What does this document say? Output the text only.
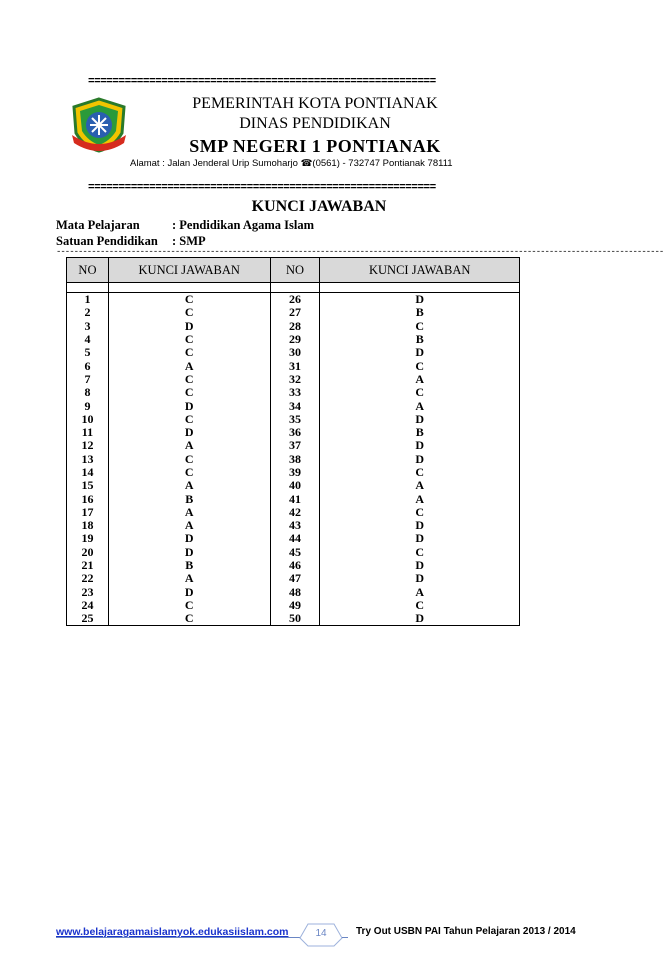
=========================================================
PEMERINTAH KOTA PONTIANAK
DINAS PENDIDIKAN
SMP NEGERI 1 PONTIANAK
Alamat : Jalan Jenderal Urip Sumoharjo ☎(0561) - 732747 Pontianak 78111
=========================================================
KUNCI JAWABAN
Mata Pelajaran	: Pendidikan Agama Islam
Satuan Pendidikan : SMP
------------------------------------------------------------------------------------------------------------------------------------------
NO	KUNCI JAWABAN	NO	KUNCI JAWABAN

1	C	26	D
2	C	27	B
3	D	28	C
4	C	29	B
5	C	30	D
6	A	31	C
7	C	32	A
8	C	33	C
9	D	34	A
10	C	35	D
11	D	36	B
12	A	37	D
13	C	38	D
14	C	39	C
15	A	40	A
16	B	41	A
17	A	42	C
18	A	43	D
19	D	44	D
20	D	45	C
21	B	46	D
22	A	47	D
23	D	48	A
24	C	49	C
25	C	50	D
www.belajaragamaislamyok.edukasiislam.com	14	Try Out USBN PAI Tahun Pelajaran 2013 / 2014
